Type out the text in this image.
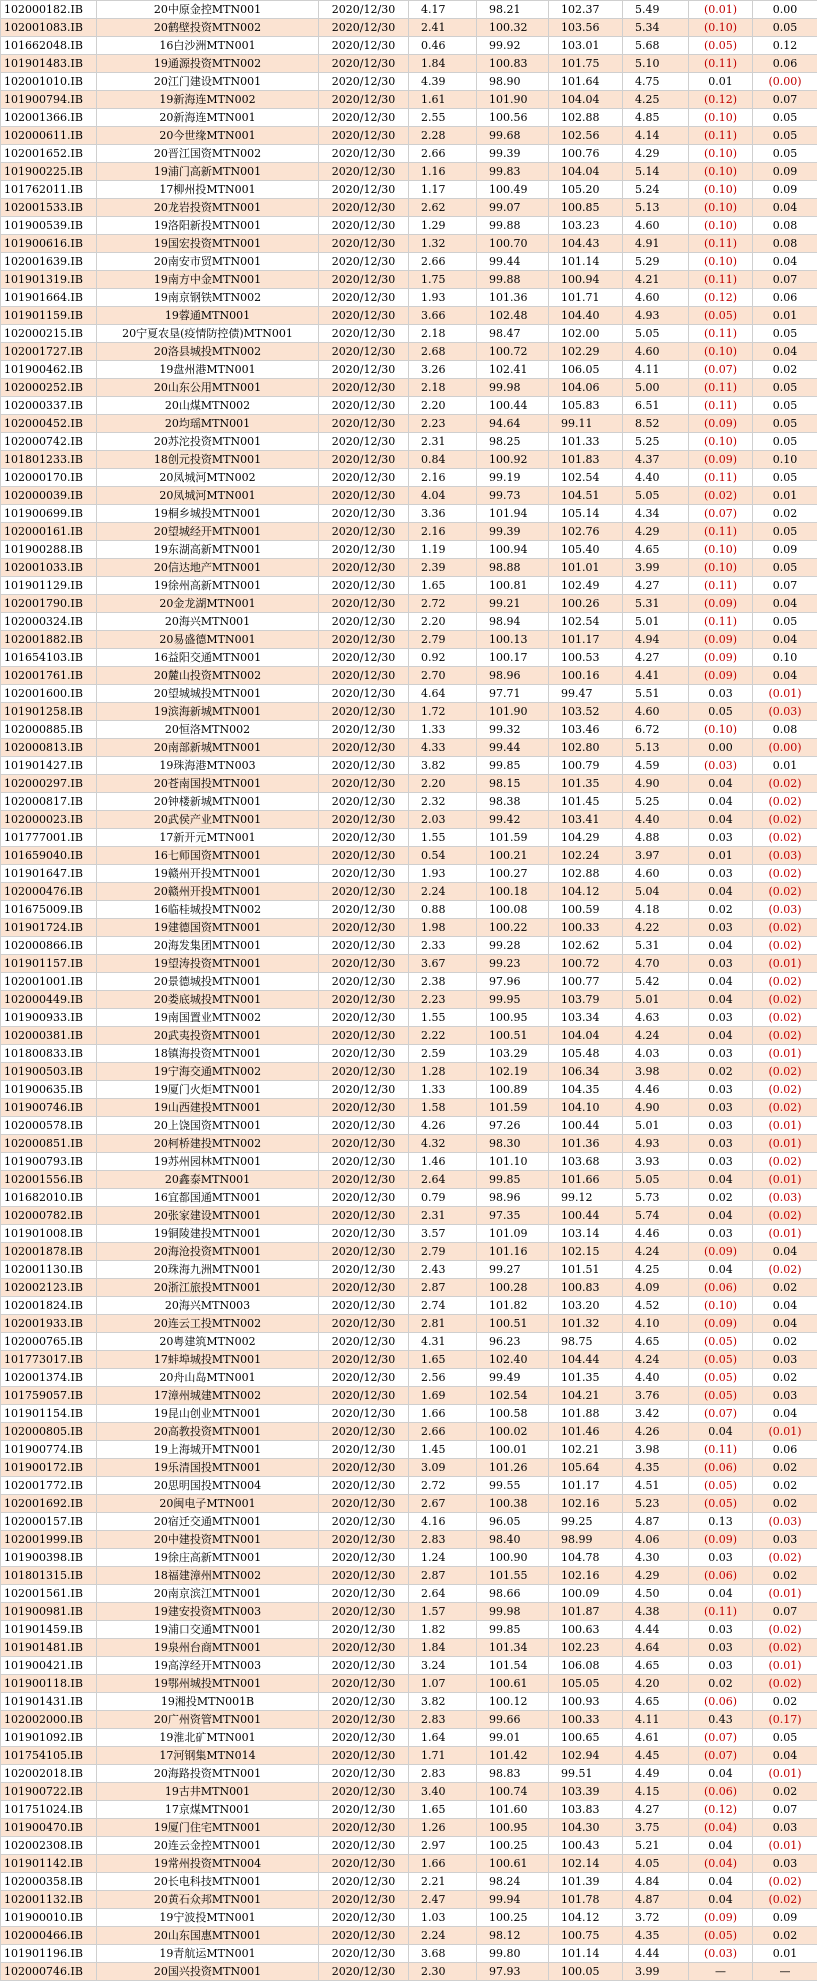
102000182.IB	20中原金控MTN001	2020/12/30	4.17	98.21	102.37	5.49	(0.01)	0.00
102001083.IB	20鹤壁投资MTN002	2020/12/30	2.41	100.32	103.56	5.34	(0.10)	0.05
101662048.IB	16白沙洲MTN001	2020/12/30	0.46	99.92	103.01	5.68	(0.05)	0.12
101901483.IB	19通源投资MTN002	2020/12/30	1.84	100.83	101.75	5.10	(0.11)	0.06
102001010.IB	20江门建设MTN001	2020/12/30	4.39	98.90	101.64	4.75	0.01	(0.00)
101900794.IB	19新海连MTN002	2020/12/30	1.61	101.90	104.04	4.25	(0.12)	0.07
102001366.IB	20新海连MTN001	2020/12/30	2.55	100.56	102.88	4.85	(0.10)	0.05
102000611.IB	20今世缘MTN001	2020/12/30	2.28	99.68	102.56	4.14	(0.11)	0.05
102001652.IB	20晋江国资MTN002	2020/12/30	2.66	99.39	100.76	4.29	(0.10)	0.05
101900225.IB	19浦门高新MTN001	2020/12/30	1.16	99.83	104.04	5.14	(0.10)	0.09
101762011.IB	17柳州投MTN001	2020/12/30	1.17	100.49	105.20	5.24	(0.10)	0.09
102001533.IB	20龙岩投资MTN001	2020/12/30	2.62	99.07	100.85	5.13	(0.10)	0.04
101900539.IB	19洛阳新投MTN001	2020/12/30	1.29	99.88	103.23	4.60	(0.10)	0.08
101900616.IB	19国宏投资MTN001	2020/12/30	1.32	100.70	104.43	4.91	(0.11)	0.08
102001639.IB	20南安市贸MTN001	2020/12/30	2.66	99.44	101.14	5.29	(0.10)	0.04
101901319.IB	19南方中金MTN001	2020/12/30	1.75	99.88	100.94	4.21	(0.11)	0.07
101901664.IB	19南京钢铁MTN002	2020/12/30	1.93	101.36	101.71	4.60	(0.12)	0.06
101901159.IB	19蓉通MTN001	2020/12/30	3.66	102.48	104.40	4.93	(0.05)	0.01
102000215.IB	20宁夏农垦(疫情防控债)MTN001	2020/12/30	2.18	98.47	102.00	5.05	(0.11)	0.05
102001727.IB	20洛县城投MTN002	2020/12/30	2.68	100.72	102.29	4.60	(0.10)	0.04
101900462.IB	19盘州港MTN001	2020/12/30	3.26	102.41	106.05	4.11	(0.07)	0.02
102000252.IB	20山东公用MTN001	2020/12/30	2.18	99.98	104.06	5.00	(0.11)	0.05
102000337.IB	20山煤MTN002	2020/12/30	2.20	100.44	105.83	6.51	(0.11)	0.05
102000452.IB	20均瑶MTN001	2020/12/30	2.23	94.64	99.11	8.52	(0.09)	0.05
102000742.IB	20苏沱投资MTN001	2020/12/30	2.31	98.25	101.33	5.25	(0.10)	0.05
101801233.IB	18创元投资MTN001	2020/12/30	0.84	100.92	101.83	4.37	(0.09)	0.10
102000170.IB	20凤城河MTN002	2020/12/30	2.16	99.19	102.54	4.40	(0.11)	0.05
102000039.IB	20凤城河MTN001	2020/12/30	4.04	99.73	104.51	5.05	(0.02)	0.01
101900699.IB	19桐乡城投MTN001	2020/12/30	3.36	101.94	105.14	4.34	(0.07)	0.02
102000161.IB	20望城经开MTN001	2020/12/30	2.16	99.39	102.76	4.29	(0.11)	0.05
101900288.IB	19东湖高新MTN001	2020/12/30	1.19	100.94	105.40	4.65	(0.10)	0.09
102001033.IB	20信达地产MTN001	2020/12/30	2.39	98.88	101.01	3.99	(0.10)	0.05
101901129.IB	19徐州高新MTN001	2020/12/30	1.65	100.81	102.49	4.27	(0.11)	0.07
102001790.IB	20金龙湖MTN001	2020/12/30	2.72	99.21	100.26	5.31	(0.09)	0.04
102000324.IB	20海兴MTN001	2020/12/30	2.20	98.94	102.54	5.01	(0.11)	0.05
102001882.IB	20易盛德MTN001	2020/12/30	2.79	100.13	101.17	4.94	(0.09)	0.04
101654103.IB	16益阳交通MTN001	2020/12/30	0.92	100.17	100.53	4.27	(0.09)	0.10
102001761.IB	20麓山投资MTN002	2020/12/30	2.70	98.96	100.16	4.41	(0.09)	0.04
102001600.IB	20望城城投MTN001	2020/12/30	4.64	97.71	99.47	5.51	0.03	(0.01)
101901258.IB	19滨海新城MTN001	2020/12/30	1.72	101.90	103.52	4.60	0.05	(0.03)
102000885.IB	20恒洛MTN002	2020/12/30	1.33	99.32	103.46	6.72	(0.10)	0.08
102000813.IB	20南部新城MTN001	2020/12/30	4.33	99.44	102.80	5.13	0.00	(0.00)
101901427.IB	19珠海港MTN003	2020/12/30	3.82	99.85	100.79	4.59	(0.03)	0.01
102000297.IB	20苍南国投MTN001	2020/12/30	2.20	98.15	101.35	4.90	0.04	(0.02)
102000817.IB	20钟楼新城MTN001	2020/12/30	2.32	98.38	101.45	5.25	0.04	(0.02)
102000023.IB	20武侯产业MTN001	2020/12/30	2.03	99.42	103.41	4.40	0.04	(0.02)
101777001.IB	17新开元MTN001	2020/12/30	1.55	101.59	104.29	4.88	0.03	(0.02)
101659040.IB	16七师国资MTN001	2020/12/30	0.54	100.21	102.24	3.97	0.01	(0.03)
101901647.IB	19赣州开投MTN001	2020/12/30	1.93	100.27	102.88	4.60	0.03	(0.02)
102000476.IB	20赣州开投MTN001	2020/12/30	2.24	100.18	104.12	5.04	0.04	(0.02)
101675009.IB	16临桂城投MTN002	2020/12/30	0.88	100.08	100.59	4.18	0.02	(0.03)
101901724.IB	19建德国资MTN001	2020/12/30	1.98	100.22	100.33	4.22	0.03	(0.02)
102000866.IB	20海发集团MTN001	2020/12/30	2.33	99.28	102.62	5.31	0.04	(0.02)
101901157.IB	19望涛投资MTN001	2020/12/30	3.67	99.23	100.72	4.70	0.03	(0.01)
102001001.IB	20景德城投MTN001	2020/12/30	2.38	97.96	100.77	5.42	0.04	(0.02)
102000449.IB	20娄底城投MTN001	2020/12/30	2.23	99.95	103.79	5.01	0.04	(0.02)
101900933.IB	19南国置业MTN002	2020/12/30	1.55	100.95	103.34	4.63	0.03	(0.02)
102000381.IB	20武夷投资MTN001	2020/12/30	2.22	100.51	104.04	4.24	0.04	(0.02)
101800833.IB	18镇海投资MTN001	2020/12/30	2.59	103.29	105.48	4.03	0.03	(0.01)
101900503.IB	19宁海交通MTN002	2020/12/30	1.28	102.19	106.34	3.98	0.02	(0.02)
101900635.IB	19厦门火炬MTN001	2020/12/30	1.33	100.89	104.35	4.46	0.03	(0.02)
101900746.IB	19山西建投MTN001	2020/12/30	1.58	101.59	104.10	4.90	0.03	(0.02)
102000578.IB	20上饶国资MTN001	2020/12/30	4.26	97.26	100.44	5.01	0.03	(0.01)
102000851.IB	20柯桥建投MTN002	2020/12/30	4.32	98.30	101.36	4.93	0.03	(0.01)
101900793.IB	19苏州园林MTN001	2020/12/30	1.46	101.10	103.68	3.93	0.03	(0.02)
102001556.IB	20鑫泰MTN001	2020/12/30	2.64	99.85	101.66	5.05	0.04	(0.01)
101682010.IB	16宜都国通MTN001	2020/12/30	0.79	98.96	99.12	5.73	0.02	(0.03)
102000782.IB	20张家建设MTN001	2020/12/30	2.31	97.35	100.44	5.74	0.04	(0.02)
101901008.IB	19铜陵建投MTN001	2020/12/30	3.57	101.09	103.14	4.46	0.03	(0.01)
102001878.IB	20海沧投资MTN001	2020/12/30	2.79	101.16	102.15	4.24	(0.09)	0.04
102001130.IB	20珠海九洲MTN001	2020/12/30	2.43	99.27	101.51	4.25	0.04	(0.02)
102002123.IB	20浙江旅投MTN001	2020/12/30	2.87	100.28	100.83	4.09	(0.06)	0.02
102001824.IB	20海兴MTN003	2020/12/30	2.74	101.82	103.20	4.52	(0.10)	0.04
102001933.IB	20连云工投MTN002	2020/12/30	2.81	100.51	101.32	4.10	(0.09)	0.04
102000765.IB	20粤建筑MTN002	2020/12/30	4.31	96.23	98.75	4.65	(0.05)	0.02
101773017.IB	17蚌埠城投MTN001	2020/12/30	1.65	102.40	104.44	4.24	(0.05)	0.03
102001374.IB	20舟山岛MTN001	2020/12/30	2.56	99.49	101.35	4.40	(0.05)	0.02
101759057.IB	17漳州城建MTN002	2020/12/30	1.69	102.54	104.21	3.76	(0.05)	0.03
101901154.IB	19昆山创业MTN001	2020/12/30	1.66	100.58	101.88	3.42	(0.07)	0.04
102000805.IB	20高教投资MTN001	2020/12/30	2.66	100.02	101.46	4.26	0.04	(0.01)
101900774.IB	19上海城开MTN001	2020/12/30	1.45	100.01	102.21	3.98	(0.11)	0.06
101900172.IB	19乐清国投MTN001	2020/12/30	3.09	101.26	105.64	4.35	(0.06)	0.02
102001772.IB	20思明国投MTN004	2020/12/30	2.72	99.55	101.17	4.51	(0.05)	0.02
102001692.IB	20闽电子MTN001	2020/12/30	2.67	100.38	102.16	5.23	(0.05)	0.02
102000157.IB	20宿迁交通MTN001	2020/12/30	4.16	96.05	99.25	4.87	0.13	(0.03)
102001999.IB	20中建投资MTN001	2020/12/30	2.83	98.40	98.99	4.06	(0.09)	0.03
101900398.IB	19徐庄高新MTN001	2020/12/30	1.24	100.90	104.78	4.30	0.03	(0.02)
101801315.IB	18福建漳州MTN002	2020/12/30	2.87	101.55	102.16	4.29	(0.06)	0.02
102001561.IB	20南京滨江MTN001	2020/12/30	2.64	98.66	100.09	4.50	0.04	(0.01)
101900981.IB	19建安投资MTN003	2020/12/30	1.57	99.98	101.87	4.38	(0.11)	0.07
101901459.IB	19浦口交通MTN001	2020/12/30	1.82	99.85	100.63	4.44	0.03	(0.02)
101901481.IB	19泉州台商MTN001	2020/12/30	1.84	101.34	102.23	4.64	0.03	(0.02)
101900421.IB	19高淳经开MTN003	2020/12/30	3.24	101.54	106.08	4.65	0.03	(0.01)
101900118.IB	19鄂州城投MTN001	2020/12/30	1.07	100.61	105.05	4.20	0.02	(0.02)
101901431.IB	19湘投MTN001B	2020/12/30	3.82	100.12	100.93	4.65	(0.06)	0.02
102002000.IB	20广州资管MTN001	2020/12/30	2.83	99.66	100.33	4.11	0.43	(0.17)
101901092.IB	19淮北矿MTN001	2020/12/30	1.64	99.01	100.65	4.61	(0.07)	0.05
101754105.IB	17河钢集MTN014	2020/12/30	1.71	101.42	102.94	4.45	(0.07)	0.04
102002018.IB	20海路投资MTN001	2020/12/30	2.83	98.83	99.51	4.49	0.04	(0.01)
101900722.IB	19古井MTN001	2020/12/30	3.40	100.74	103.39	4.15	(0.06)	0.02
101751024.IB	17京煤MTN001	2020/12/30	1.65	101.60	103.83	4.27	(0.12)	0.07
101900470.IB	19厦门住宅MTN001	2020/12/30	1.26	100.95	104.30	3.75	(0.04)	0.03
102002308.IB	20连云金控MTN001	2020/12/30	2.97	100.25	100.43	5.21	0.04	(0.01)
101901142.IB	19常州投资MTN004	2020/12/30	1.66	100.61	102.14	4.05	(0.04)	0.03
102000358.IB	20长电科技MTN001	2020/12/30	2.21	98.24	101.39	4.84	0.04	(0.02)
102001132.IB	20黄石众邦MTN001	2020/12/30	2.47	99.94	101.78	4.87	0.04	(0.02)
101900010.IB	19宁波投MTN001	2020/12/30	1.03	100.25	104.12	3.72	(0.09)	0.09
102000466.IB	20山东国惠MTN001	2020/12/30	2.24	98.12	100.75	4.35	(0.05)	0.02
101901196.IB	19青航运MTN001	2020/12/30	3.68	99.80	101.14	4.44	(0.03)	0.01
102000746.IB	20国兴投资MTN001	2020/12/30	2.30	97.93	100.05	3.99	—	—
